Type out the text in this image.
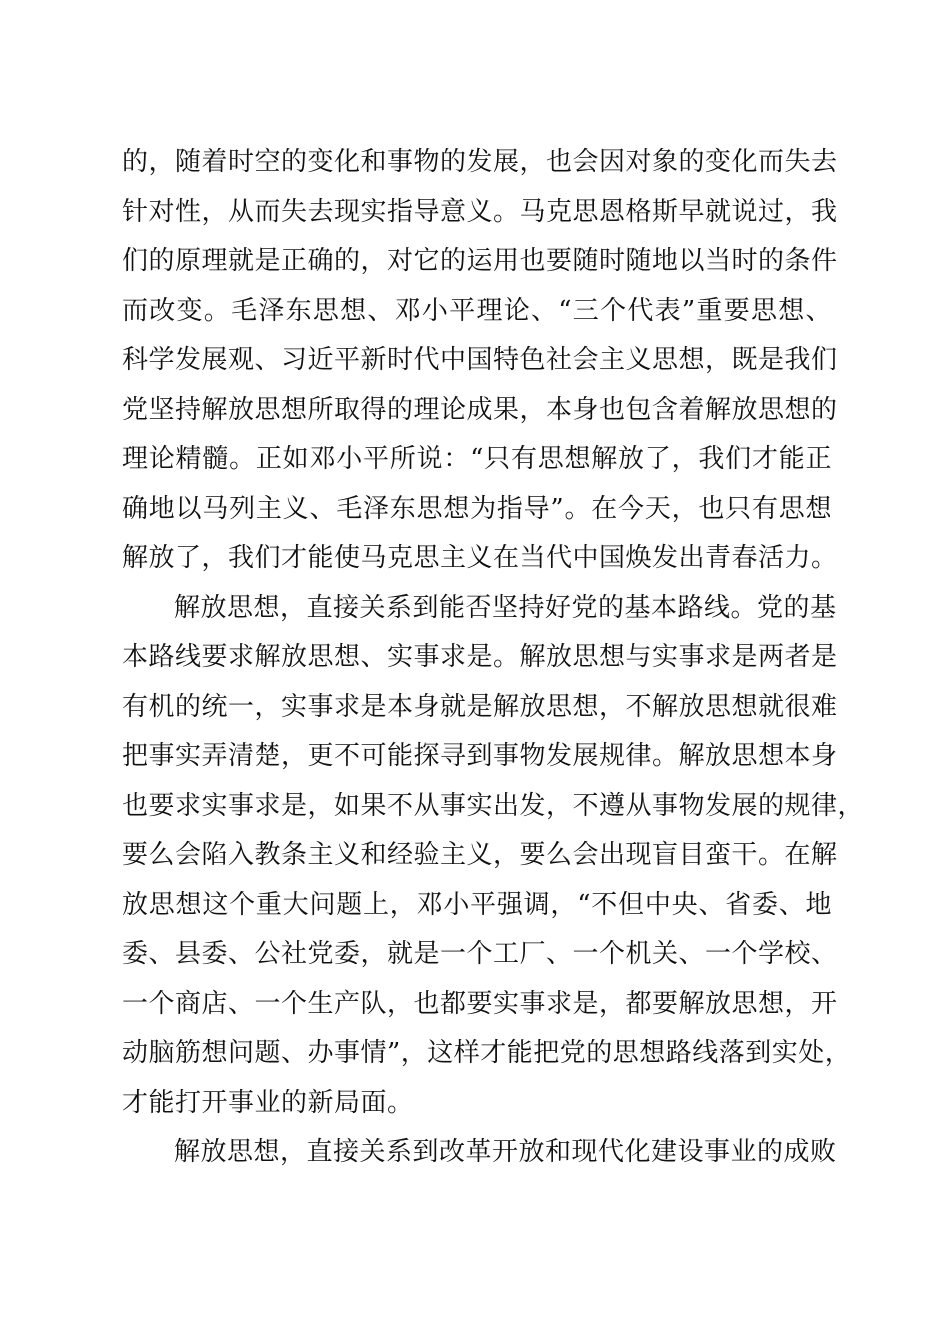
的，随着时空的变化和事物的发展，也会因对象的变化而失去
针对性，从而失去现实指导意义。马克思恩格斯早就说过，我
们的原理就是正确的，对它的运用也要随时随地以当时的条件
而改变。毛泽东思想、邓小平理论、“三个代表”重要思想、
科学发展观、习近平新时代中国特色社会主义思想，既是我们
党坚持解放思想所取得的理论成果，本身也包含着解放思想的
理论精髓。正如邓小平所说：“只有思想解放了，我们才能正
确地以马列主义、毛泽东思想为指导”。在今天，也只有思想
解放了，我们才能使马克思主义在当代中国焕发出青春活力。
解放思想，直接关系到能否坚持好党的基本路线。党的基
本路线要求解放思想、实事求是。解放思想与实事求是两者是
有机的统一，实事求是本身就是解放思想，不解放思想就很难
把事实弄清楚，更不可能探寻到事物发展规律。解放思想本身
也要求实事求是，如果不从事实出发，不遵从事物发展的规律，
要么会陷入教条主义和经验主义，要么会出现盲目蛮干。在解
放思想这个重大问题上，邓小平强调，“不但中央、省委、地
委、县委、公社党委，就是一个工厂、一个机关、一个学校、
一个商店、一个生产队，也都要实事求是，都要解放思想，开
动脑筋想问题、办事情”，这样才能把党的思想路线落到实处，
才能打开事业的新局面。
解放思想，直接关系到改革开放和现代化建设事业的成败
